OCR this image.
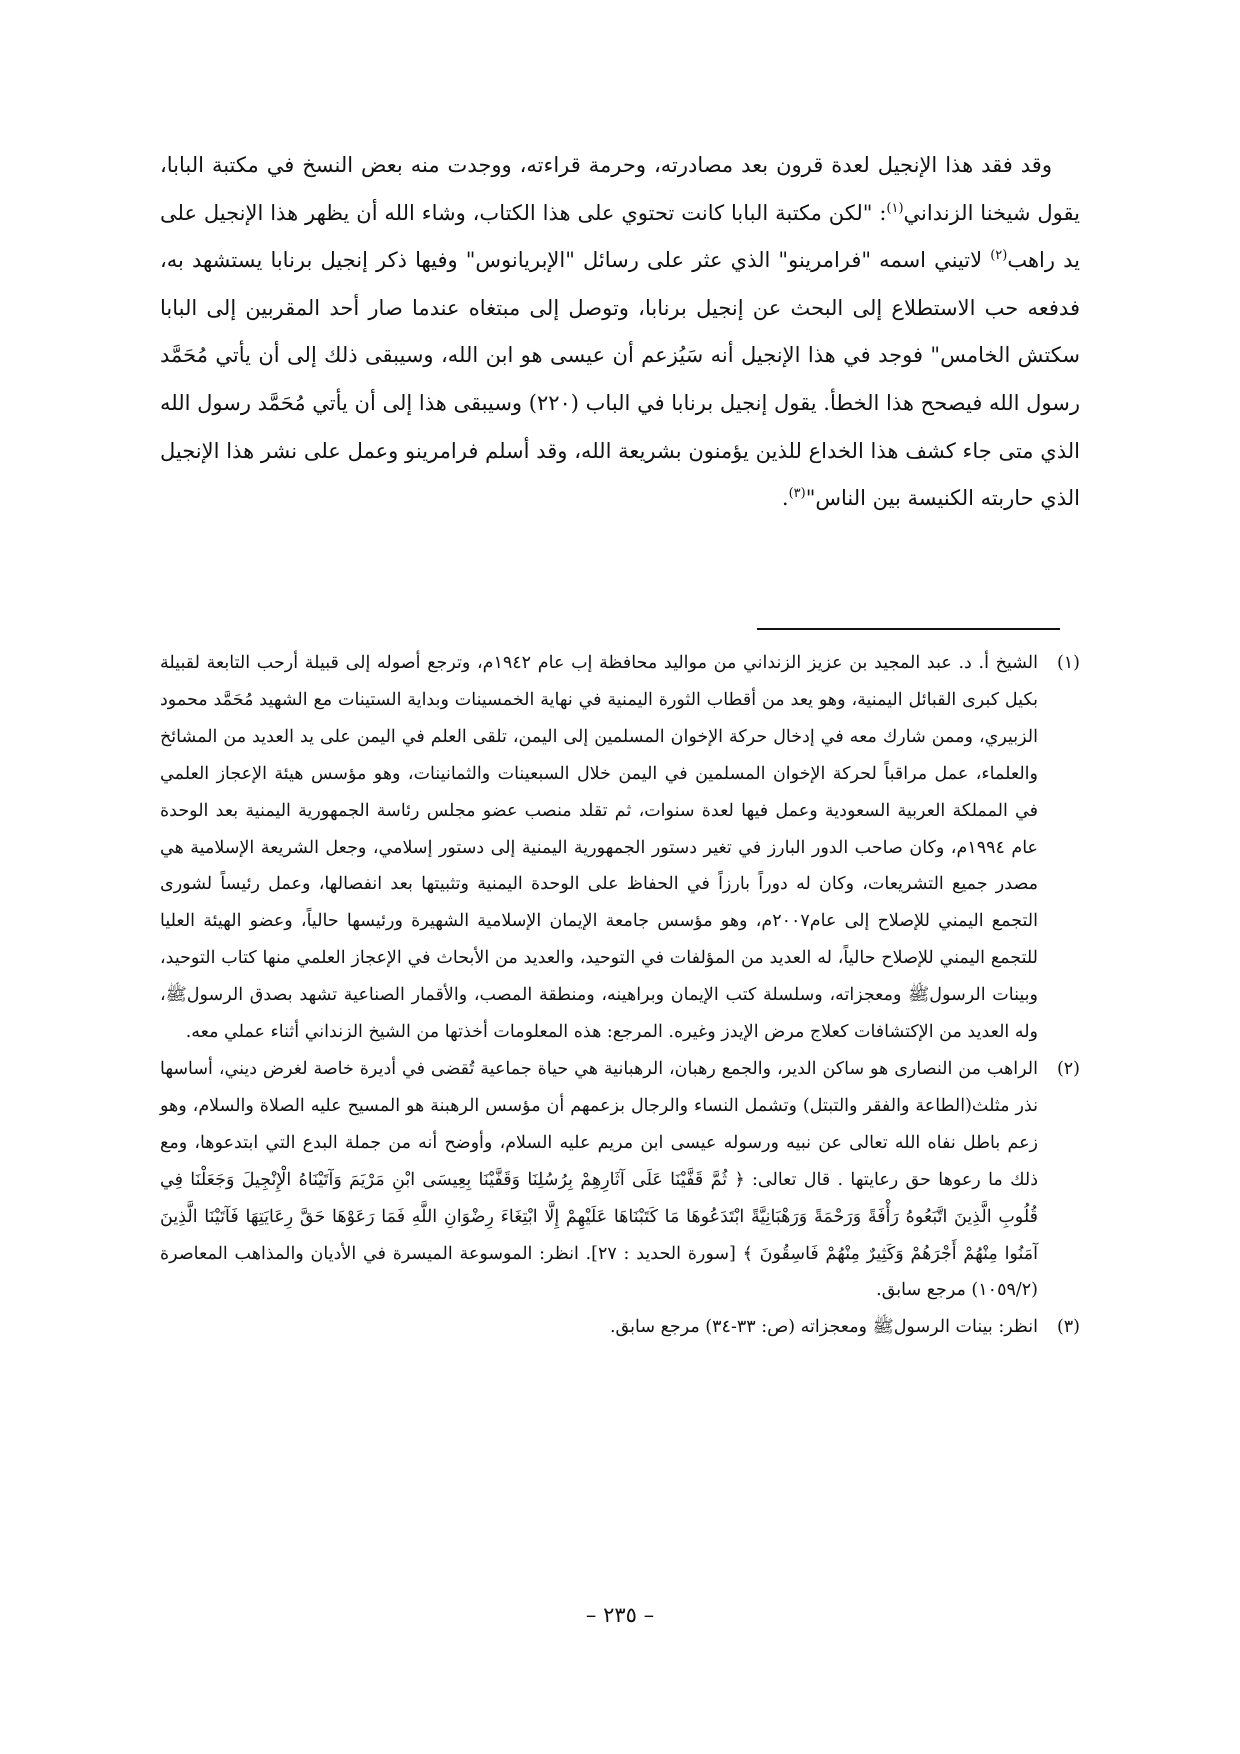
وقد فقد هذا الإنجيل لعدة قرون بعد مصادرته، وحرمة قراءته، ووجدت منه بعض النسخ في مكتبة البابا، يقول شيخنا الزنداني$^{(١)}$: "لكن مكتبة البابا كانت تحتوي على هذا الكتاب، وشاء الله أن يظهر هذا الإنجيل على يد راهب$^{(٢)}$ لاتيني اسمه "فرامرينو" الذي عثر على رسائل "الإبريانوس" وفيها ذكر إنجيل برنابا يستشهد به، فدفعه حب الاستطلاع إلى البحث عن إنجيل برنابا، وتوصل إلى مبتغاه عندما صار أحد المقربين إلى البابا سكتش الخامس" فوجد في هذا الإنجيل أنه سَيُزعم أن عيسى هو ابن الله، وسيبقى ذلك إلى أن يأتي مُحَمَّد رسول الله فيصحح هذا الخطأ. يقول إنجيل برنابا في الباب (٢٢٠) وسيبقى هذا إلى أن يأتي مُحَمَّد رسول الله الذي متى جاء كشف هذا الخداع للذين يؤمنون بشريعة الله، وقد أسلم فرامرينو وعمل على نشر هذا الإنجيل الذي حاربته الكنيسة بين الناس"$^{(٣)}$.

(١)
الشيخ أ. د. عبد المجيد بن عزيز الزنداني من مواليد محافظة إب عام ١٩٤٢م، وترجع أصوله إلى قبيلة أرحب التابعة لقبيلة بكيل كبرى القبائل اليمنية، وهو يعد من أقطاب الثورة اليمنية في نهاية الخمسينات وبداية الستينات مع الشهيد مُحَمَّد محمود الزبيري، وممن شارك معه في إدخال حركة الإخوان المسلمين إلى اليمن، تلقى العلم في اليمن على يد العديد من المشائخ والعلماء، عمل مراقباً لحركة الإخوان المسلمين في اليمن خلال السبعينات والثمانينات، وهو مؤسس هيئة الإعجاز العلمي في المملكة العربية السعودية وعمل فيها لعدة سنوات، ثم تقلد منصب عضو مجلس رئاسة الجمهورية اليمنية بعد الوحدة عام ١٩٩٤م، وكان صاحب الدور البارز في تغير دستور الجمهورية اليمنية إلى دستور إسلامي، وجعل الشريعة الإسلامية هي مصدر جميع التشريعات، وكان له دوراً بارزاً في الحفاظ على الوحدة اليمنية وتثبيتها بعد انفصالها، وعمل رئيساً لشورى التجمع اليمني للإصلاح إلى عام٢٠٠٧م، وهو مؤسس جامعة الإيمان الإسلامية الشهيرة ورئيسها حالياً، وعضو الهيئة العليا للتجمع اليمني للإصلاح حالياً، له العديد من المؤلفات في التوحيد، والعديد من الأبحاث في الإعجاز العلمي منها كتاب التوحيد، وبينات الرسولﷺ ومعجزاته، وسلسلة كتب الإيمان وبراهينه، ومنطقة المصب، والأقمار الصناعية تشهد بصدق الرسولﷺ، وله العديد من الإكتشافات كعلاج مرض الإيدز وغيره. المرجع: هذه المعلومات أخذتها من الشيخ الزنداني أثناء عملي معه.

(٢)
الراهب من النصارى هو ساكن الدير، والجمع رهبان، الرهبانية هي حياة جماعية تُقضى في أديرة خاصة لغرض ديني، أساسها نذر مثلث(الطاعة والفقر والتبتل) وتشمل النساء والرجال بزعمهم أن مؤسس الرهبنة هو المسيح عليه الصلاة والسلام، وهو زعم باطل نفاه الله تعالى عن نبيه ورسوله عيسى ابن مريم عليه السلام، وأوضح أنه من جملة البدع التي ابتدعوها، ومع ذلك ما رعوها حق رعايتها . قال تعالى: ﴿ ثُمَّ قَفَّيْنَا عَلَى آثَارِهِمْ بِرُسُلِنَا وَقَفَّيْنَا بِعِيسَى ابْنِ مَرْيَمَ وَآتَيْنَاهُ الْإِنْجِيلَ وَجَعَلْنَا فِي قُلُوبِ الَّذِينَ اتَّبَعُوهُ رَأْفَةً وَرَحْمَةً وَرَهْبَانِيَّةً ابْتَدَعُوهَا مَا كَتَبْنَاهَا عَلَيْهِمْ إِلَّا ابْتِغَاءَ رِضْوَانِ اللَّهِ فَمَا رَعَوْهَا حَقَّ رِعَايَتِهَا فَآتَيْنَا الَّذِينَ آمَنُوا مِنْهُمْ أَجْرَهُمْ وَكَثِيرٌ مِنْهُمْ فَاسِقُونَ ﴾ [سورة الحديد : ٢٧]. انظر: الموسوعة الميسرة في الأديان والمذاهب المعاصرة (١٠٥٩/٢) مرجع سابق.

(٣)
انظر: بينات الرسولﷺ ومعجزاته (ص: ٣٣-٣٤) مرجع سابق.

– ٢٣٥ –
